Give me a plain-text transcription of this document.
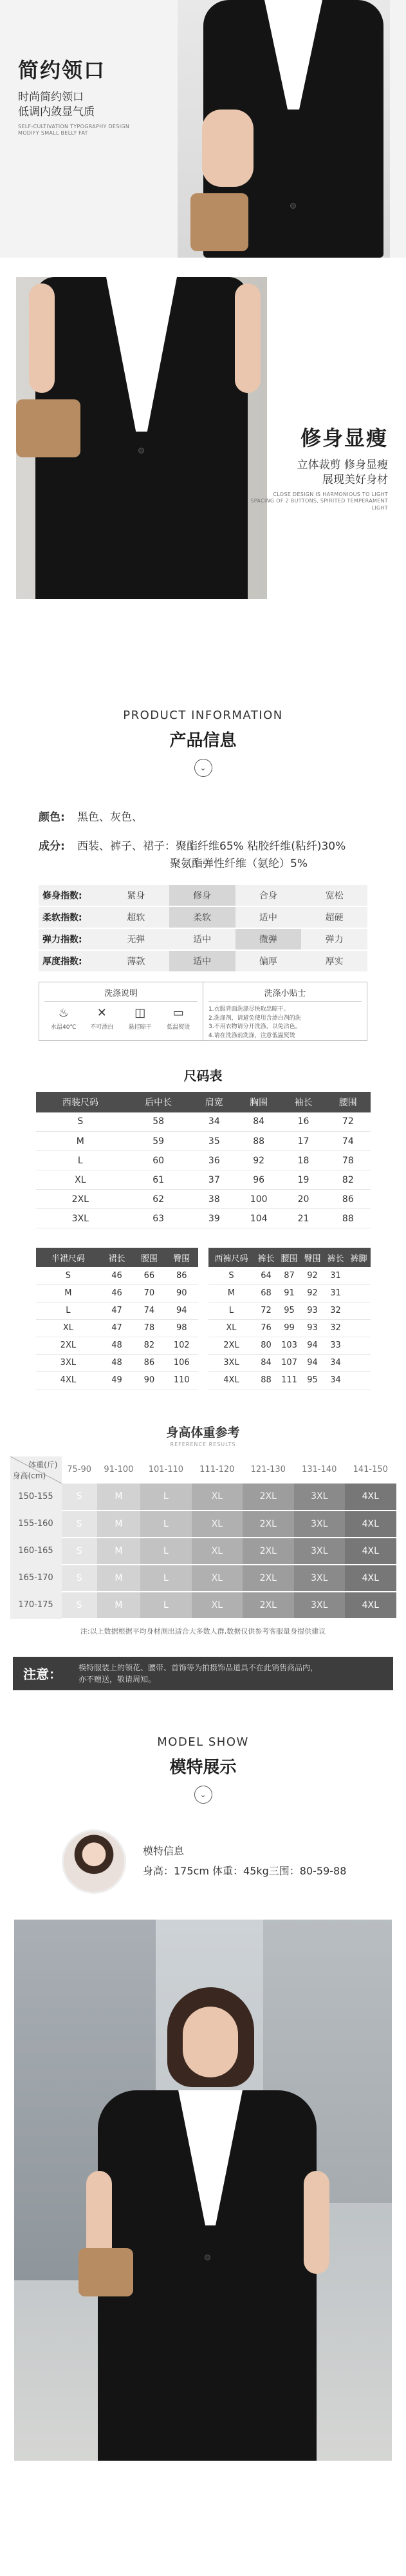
简约领口
时尚简约领口
低调内敛显气质
SELF-CULTIVATION TYPOGRAPHY DESIGN
MODIFY SMALL BELLY FAT
修身显瘦
立体裁剪 修身显瘦
展现美好身材
CLOSE DESIGN IS HARMONIOUS TO LIGHT
SPACING OF 2 BUTTONS, SPIRITED TEMPERAMENT
LIGHT
PRODUCT INFORMATION
产品信息
⌄
颜色:	黑色、灰色、
成分:	西装、裤子、裙子：聚酯纤维65% 粘胶纤维(粘纤)30%
聚氨酯弹性纤维（氨纶）5%
修身指数:	紧身	修身	合身	宽松
柔软指数:	超软	柔软	适中	超硬
弹力指数:	无弹	适中	微弹	弹力
厚度指数:	薄款	适中	偏厚	厚实
洗涤说明
♨
水温40℃
✕
不可漂白
◫
悬挂晾干
▭
低温熨烫
洗涤小贴士
1.衣服背面洗涤尽快取出晾干。
2.洗涤剂，请避免使用含漂白剂的洗
3.不用衣物请分开洗涤，以免沾色。
4.请在洗涤前洗涤，注意低温熨烫
尺码表
西装尺码	后中长	肩宽	胸围	袖长	腰围
S	58	34	84	16	72
M	59	35	88	17	74
L	60	36	92	18	78
XL	61	37	96	19	82
2XL	62	38	100	20	86
3XL	63	39	104	21	88
半裙尺码	裙长	腰围	臀围
S	46	66	86
M	46	70	90
L	47	74	94
XL	47	78	98
2XL	48	82	102
3XL	48	86	106
4XL	49	90	110
西裤尺码	裤长	腰围	臀围	裤长	裤脚
S	64	87	92	31	
M	68	91	92	31	
L	72	95	93	32	
XL	76	99	93	32	
2XL	80	103	94	33	
3XL	84	107	94	34	
4XL	88	111	95	34	
身高体重参考
REFERENCE RESULTS
体重(斤)
身高(cm)	75-90	91-100	101-110	111-120	121-130	131-140	141-150
150-155	S	M	L	XL	2XL	3XL	4XL
155-160	S	M	L	XL	2XL	3XL	4XL
160-165	S	M	L	XL	2XL	3XL	4XL
165-170	S	M	L	XL	2XL	3XL	4XL
170-175	S	M	L	XL	2XL	3XL	4XL
注:以上数据根据平均身材测出适合大多数人群,数据仅供参考客服量身提供建议
注意：	模特服装上的领花、腰带、首饰等为拍摄饰品道具不在此销售商品内，
亦不赠送，敬请周知。
MODEL SHOW
模特展示
⌄
模特信息
身高：175cm 体重：45kg三围：80-59-88
